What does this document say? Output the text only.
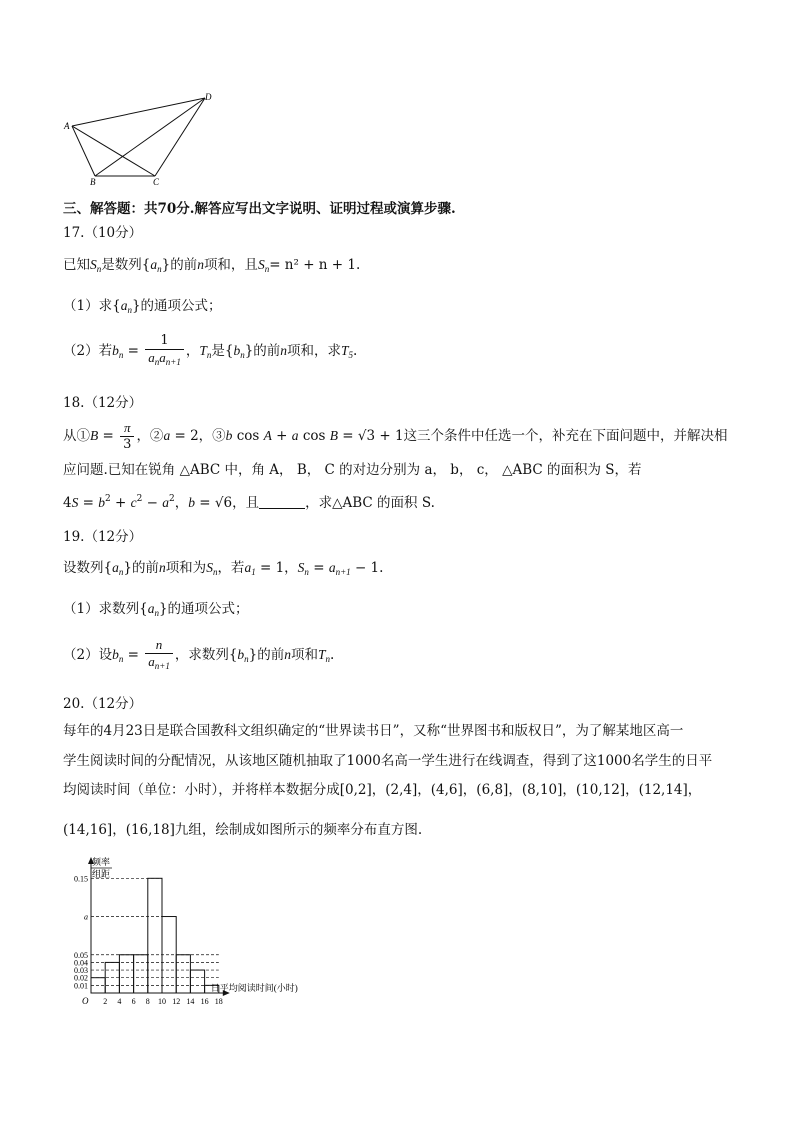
A
B	C
D
三、解答题：共70分.解答应写出文字说明、证明过程或演算步骤.
17.（10分）
已知$S_n$是数列$\{a_n\}$的前n项和，且$S_n= n^2 + n + 1$.
（1）求$\{a_n\}$的通项公式；
（2）若$b_n = \frac{1}{a_na_{n+1}}$ ，$T_n$是$\{b_n\}$的前n项和，求$T_5$.
18.（12分）
从①B = $\frac{\pi}{3}$ ，②a = 2，③b cos A + a cos B = √3 + 1这三个条件中任选一个，补充在下面问题中，并解决相
应问题.已知在锐角 △ABC 中，角 A， B， C 的对边分别为 a， b， c， △ABC 的面积为 S，若
$4S = b^2 + c^2 - a^2$，b = √6，且	，求△ABC 的面积 S.
19.（12分）
设数列$\{a_n\}$的前n项和为$S_n$，若$a_1 = 1$，$S_n = a_{n+1} - 1$.
（1）求数列$\{a_n\}$的通项公式；
（2）设$b_n = \frac{n}{a_{n+1}}$ ，求数列$\{b_n\}$的前n项和$T_n$.
20.（12分）
每年的4月23日是联合国教科文组织确定的“世界读书日”，又称“世界图书和版权日”，为了解某地区高一
学生阅读时间的分配情况，从该地区随机抽取了1000名高一学生进行在线调查，得到了这1000名学生的日平
均阅读时间（单位：小时），并将样本数据分成[0,2]，(2,4]，(4,6]，(6,8]，(8,10]，(10,12]，(12,14]，
(14,16]，(16,18]九组，绘制成如图所示的频率分布直方图.
0.15
a
0.05
0.04
0.03
0.02
0.01
频率
组距
日平均阅读时间(小时)
O 2 4 6 8 10 12 14 16 18
